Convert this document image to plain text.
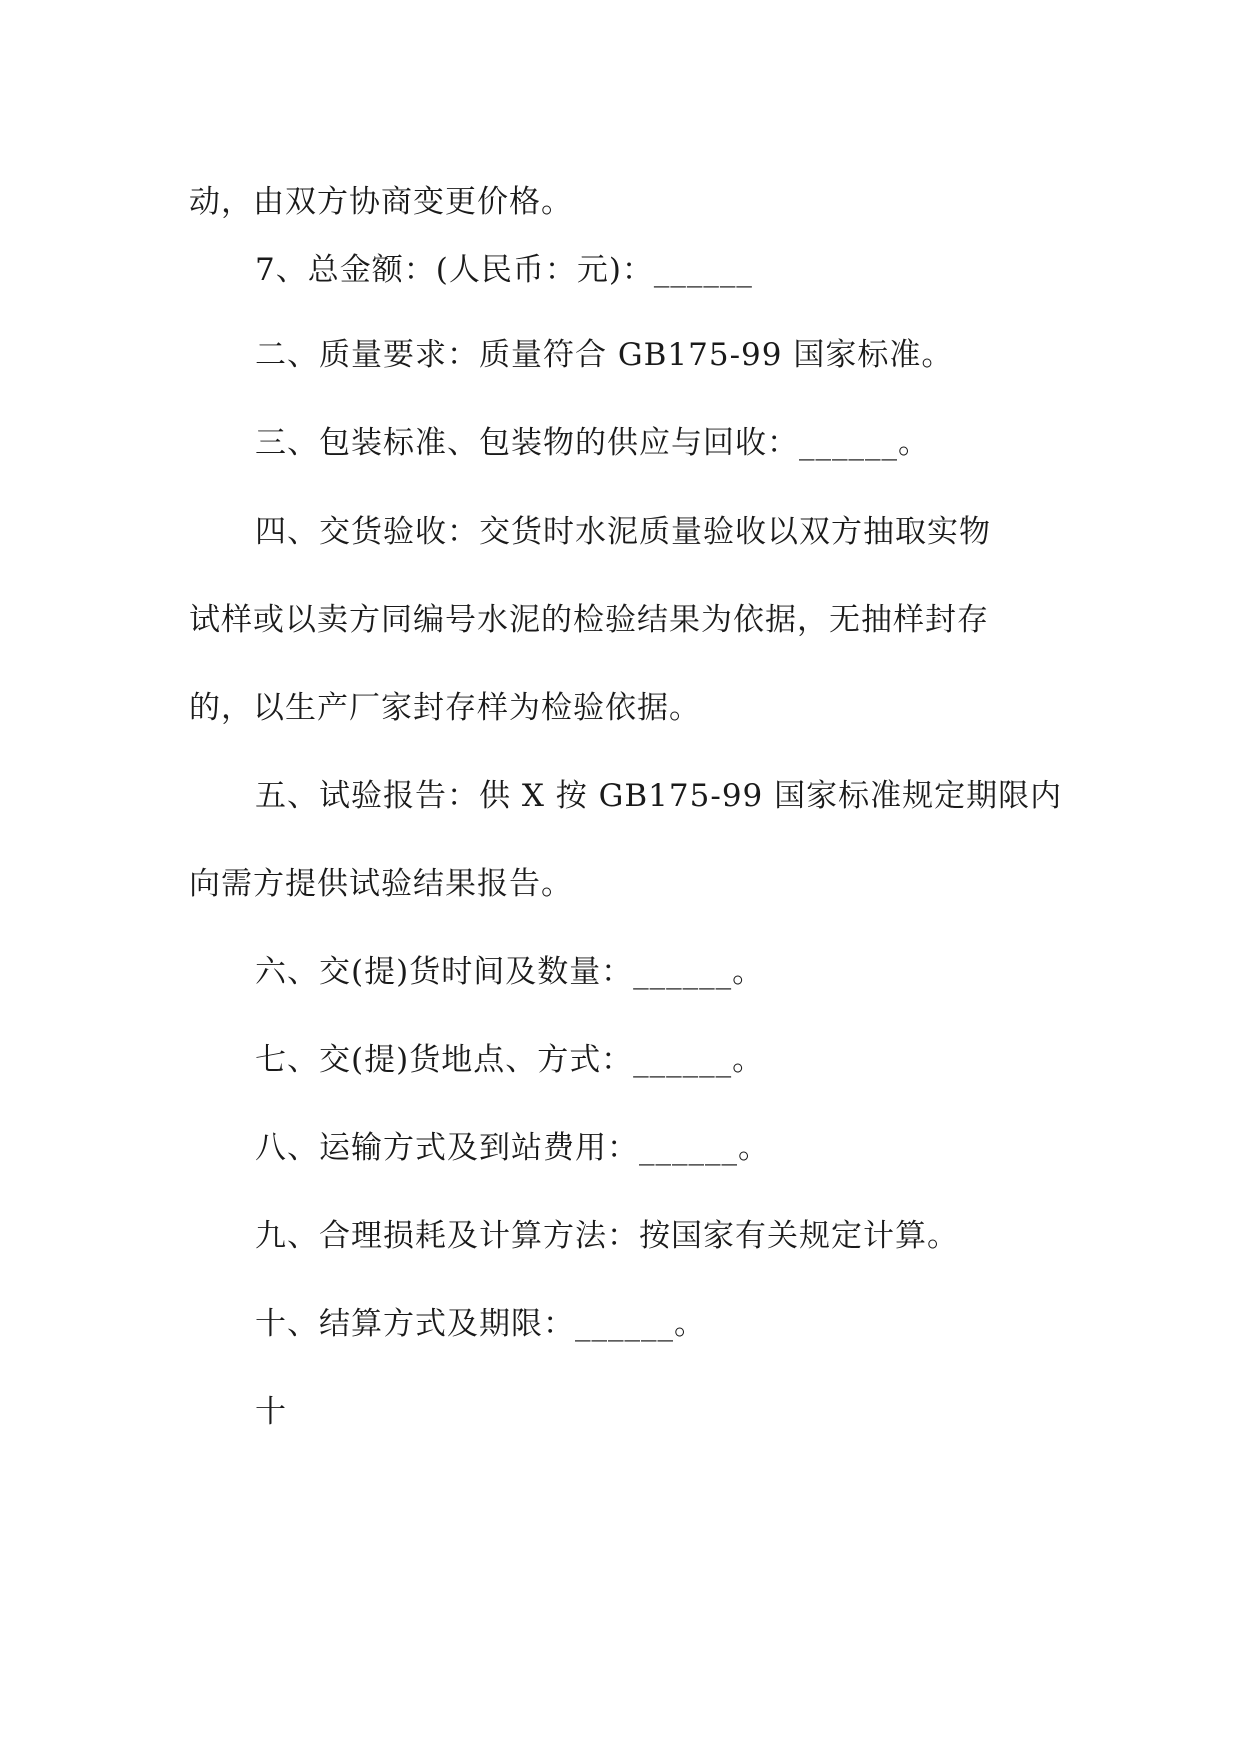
动，由双方协商变更价格。
7、总金额：(人民币：元)：______
二、质量要求：质量符合 GB175-99 国家标准。
三、包装标准、包装物的供应与回收：______。
四、交货验收：交货时水泥质量验收以双方抽取实物
试样或以卖方同编号水泥的检验结果为依据，无抽样封存
的，以生产厂家封存样为检验依据。
五、试验报告：供 X 按 GB175-99 国家标准规定期限内
向需方提供试验结果报告。
六、交(提)货时间及数量：______。
七、交(提)货地点、方式：______。
八、运输方式及到站费用：______。
九、合理损耗及计算方法：按国家有关规定计算。
十、结算方式及期限：______。
十
